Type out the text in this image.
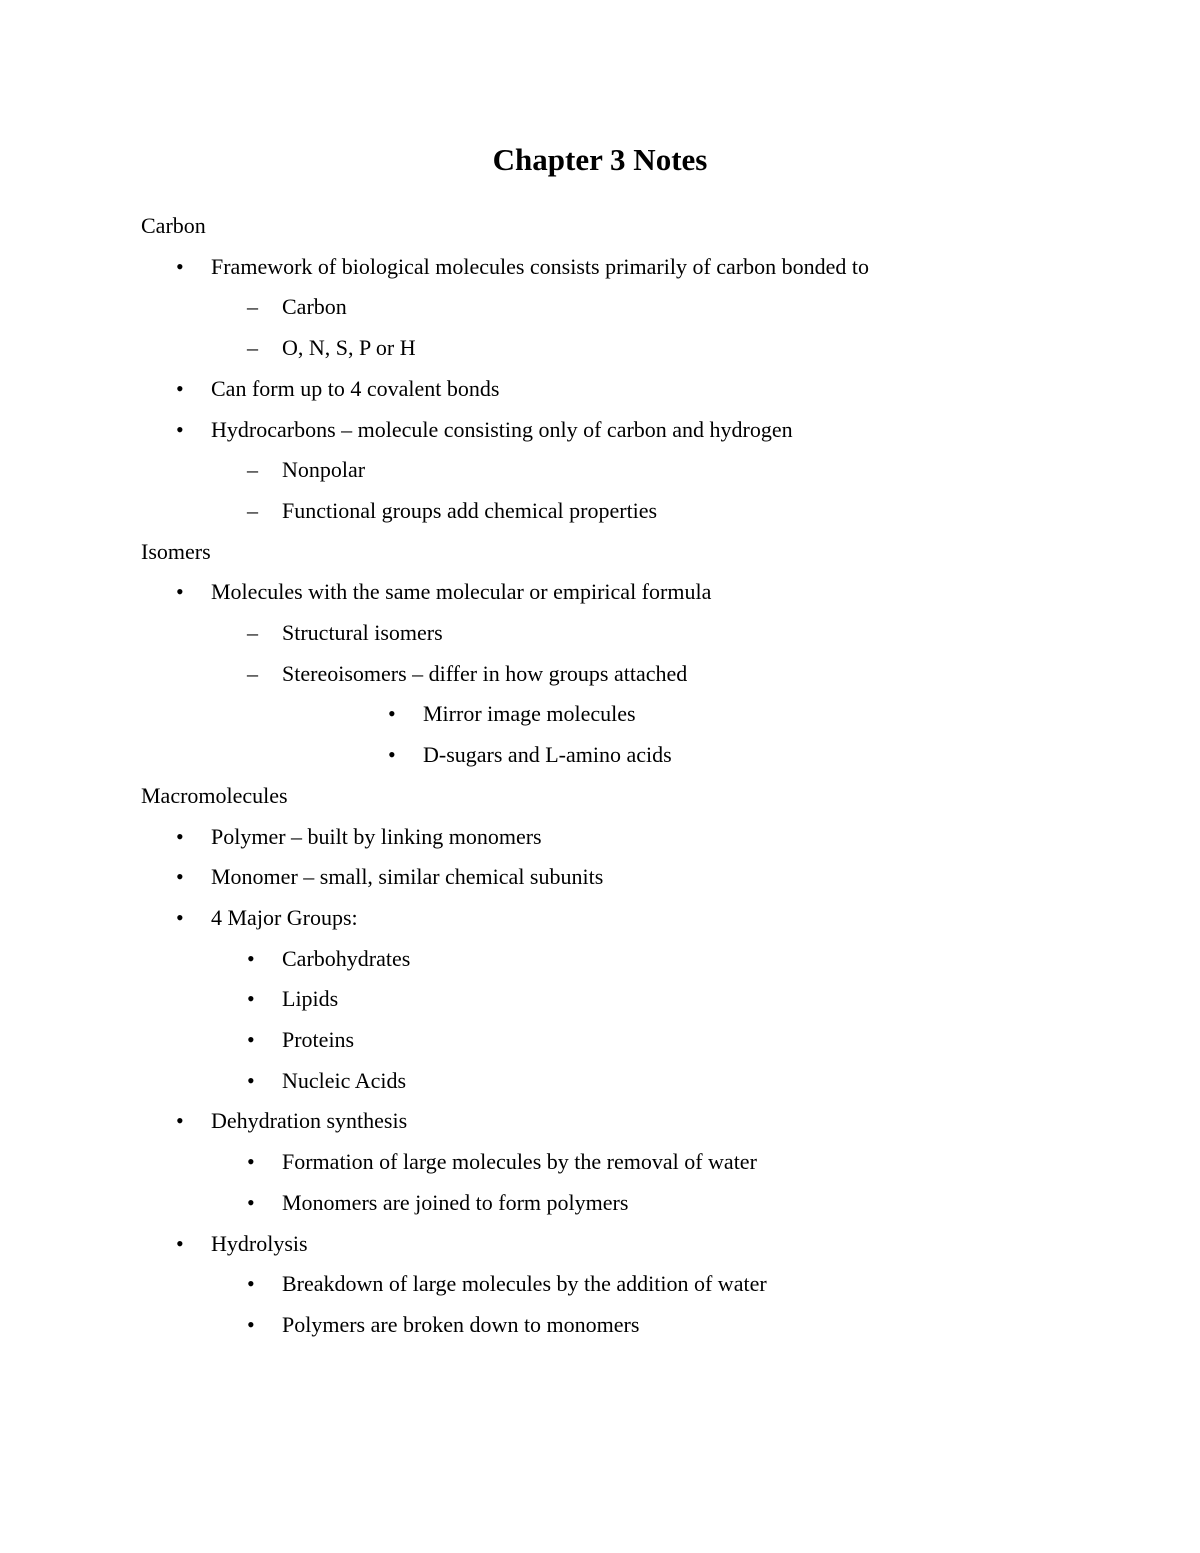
Chapter 3 Notes
Carbon
• Framework of biological molecules consists primarily of carbon bonded to
– Carbon
– O, N, S, P or H
• Can form up to 4 covalent bonds
• Hydrocarbons – molecule consisting only of carbon and hydrogen
– Nonpolar
– Functional groups add chemical properties
Isomers
• Molecules with the same molecular or empirical formula
– Structural isomers
– Stereoisomers – differ in how groups attached
• Mirror image molecules
• D-sugars and L-amino acids
Macromolecules
• Polymer – built by linking monomers
• Monomer – small, similar chemical subunits
• 4 Major Groups:
• Carbohydrates
• Lipids
• Proteins
• Nucleic Acids
• Dehydration synthesis
• Formation of large molecules by the removal of water
• Monomers are joined to form polymers
• Hydrolysis
• Breakdown of large molecules by the addition of water
• Polymers are broken down to monomers
